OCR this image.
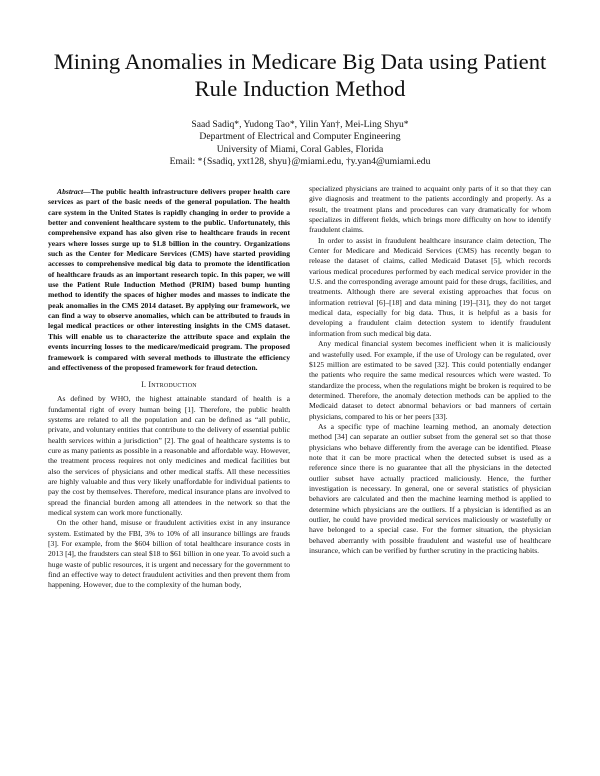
Mining Anomalies in Medicare Big Data using Patient Rule Induction Method
Saad Sadiq*, Yudong Tao*, Yilin Yan†, Mei-Ling Shyu*
Department of Electrical and Computer Engineering
University of Miami, Coral Gables, Florida
Email: *{Ssadiq, yxt128, shyu}@miami.edu, †y.yan4@umiami.edu

Abstract—The public health infrastructure delivers proper health care services as part of the basic needs of the general population. The health care system in the United States is rapidly changing in order to provide a better and convenient healthcare system to the public. Unfortunately, this comprehensive expand has also given rise to healthcare frauds in recent years where losses surge up to $1.8 billion in the country. Organizations such as the Center for Medicare Services (CMS) have started providing accesses to comprehensive medical big data to promote the identification of healthcare frauds as an important research topic. In this paper, we will use the Patient Rule Induction Method (PRIM) based bump hunting method to identify the spaces of higher modes and masses to indicate the peak anomalies in the CMS 2014 dataset. By applying our framework, we can find a way to observe anomalies, which can be attributed to frauds in legal medical practices or other interesting insights in the CMS dataset. This will enable us to characterize the attribute space and explain the events incurring losses to the medicare/medicaid program. The proposed framework is compared with several methods to illustrate the efficiency and effectiveness of the proposed framework for fraud detection.

I. Introduction

As defined by WHO, the highest attainable standard of health is a fundamental right of every human being [1]. Therefore, the public health systems are related to all the population and can be defined as “all public, private, and voluntary entities that contribute to the delivery of essential public health services within a jurisdiction” [2]. The goal of healthcare systems is to cure as many patients as possible in a reasonable and affordable way. However, the treatment process requires not only medicines and medical facilities but also the services of physicians and other medical staffs. All these necessities are highly valuable and thus very likely unaffordable for individual patients to pay the cost by themselves. Therefore, medical insurance plans are involved to spread the financial burden among all attendees in the network so that the medical system can work more functionally.

On the other hand, misuse or fraudulent activities exist in any insurance system. Estimated by the FBI, 3% to 10% of all insurance billings are frauds [3]. For example, from the $604 billion of total healthcare insurance costs in 2013 [4], the fraudsters can steal $18 to $61 billion in one year. To avoid such a huge waste of public resources, it is urgent and necessary for the government to find an effective way to detect fraudulent activities and then prevent them from happening. However, due to the complexity of the human body,

specialized physicians are trained to acquaint only parts of it so that they can give diagnosis and treatment to the patients accordingly and properly. As a result, the treatment plans and procedures can vary dramatically for whom specializes in different fields, which brings more difficulty on how to identify fraudulent claims.

In order to assist in fraudulent healthcare insurance claim detection, The Center for Medicare and Medicaid Services (CMS) has recently began to release the dataset of claims, called Medicaid Dataset [5], which records various medical procedures performed by each medical service provider in the U.S. and the corresponding average amount paid for these drugs, facilities, and treatments. Although there are several existing approaches that focus on information retrieval [6]–[18] and data mining [19]–[31], they do not target medical data, especially for big data. Thus, it is helpful as a basis for developing a fraudulent claim detection system to identify fraudulent information from such medical big data.

Any medical financial system becomes inefficient when it is maliciously and wastefully used. For example, if the use of Urology can be regulated, over $125 million are estimated to be saved [32]. This could potentially endanger the patients who require the same medical resources which were wasted. To standardize the process, when the regulations might be broken is required to be determined. Therefore, the anomaly detection methods can be applied to the Medicaid dataset to detect abnormal behaviors or bad manners of certain physicians, compared to his or her peers [33].

As a specific type of machine learning method, an anomaly detection method [34] can separate an outlier subset from the general set so that those physicians who behave differently from the average can be identified. Please note that it can be more practical when the detected subset is used as a reference since there is no guarantee that all the physicians in the detected outlier subset have actually practiced maliciously. Hence, the further investigation is necessary. In general, one or several statistics of physician behaviors are calculated and then the machine learning method is applied to determine which physicians are the outliers. If a physician is identified as an outlier, he could have provided medical services maliciously or wastefully or have belonged to a special case. For the former situation, the physician behaved aberrantly with possible fraudulent and wasteful use of healthcare insurance, which can be verified by further scrutiny in the practicing habits.
